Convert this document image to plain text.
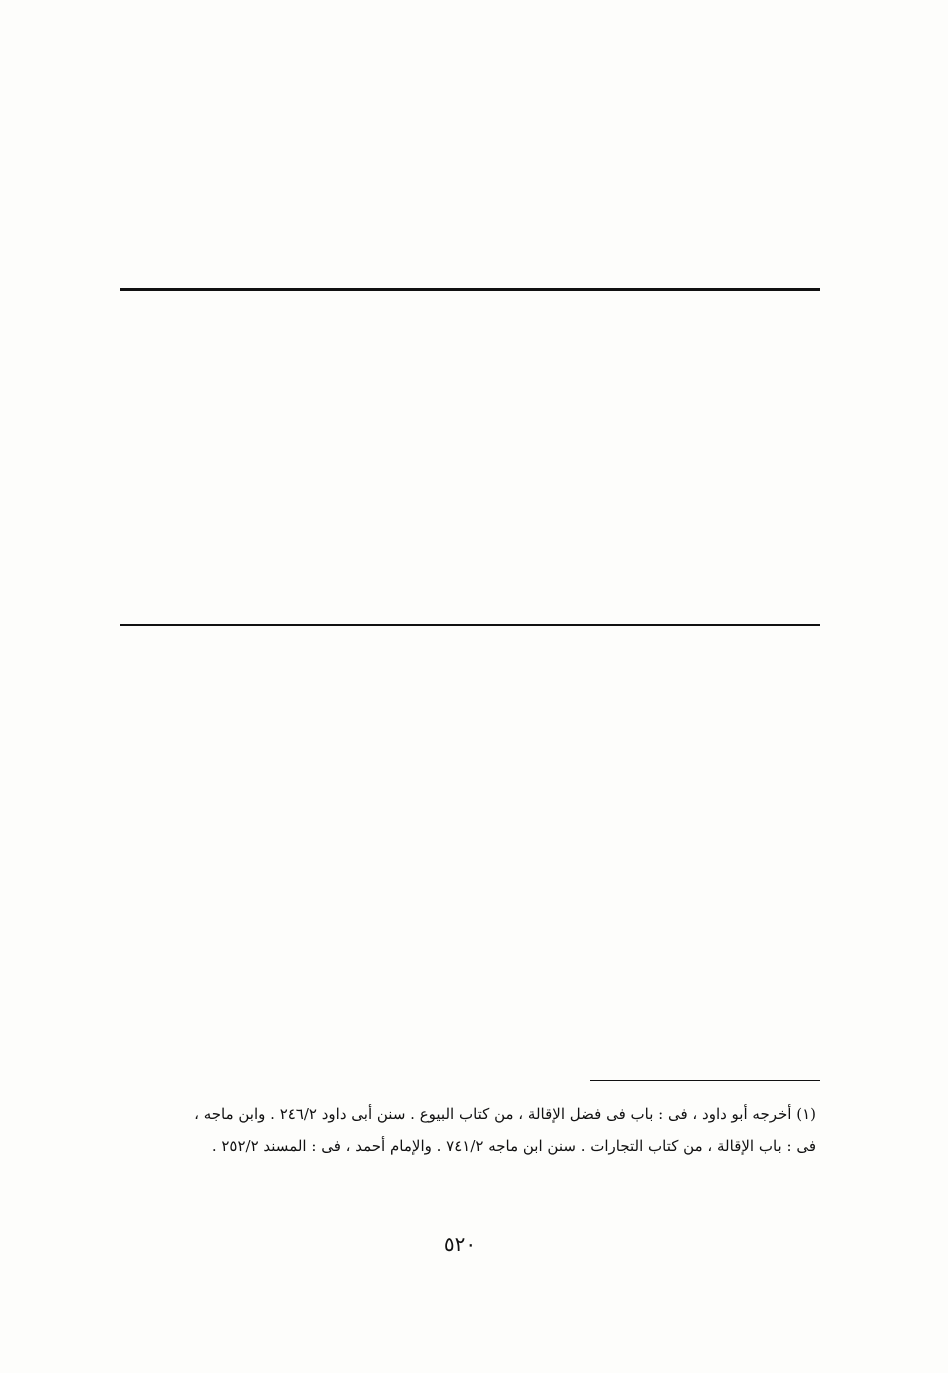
(١) أخرجه أبو داود ، فى : باب فى فضل الإقالة ، من كتاب البيوع . سنن أبى داود ٢٤٦/٢ . وابن ماجه ،
فى : باب الإقالة ، من كتاب التجارات . سنن ابن ماجه ٧٤١/٢ . والإمام أحمد ، فى : المسند ٢٥٢/٢ .
٥٢٠
